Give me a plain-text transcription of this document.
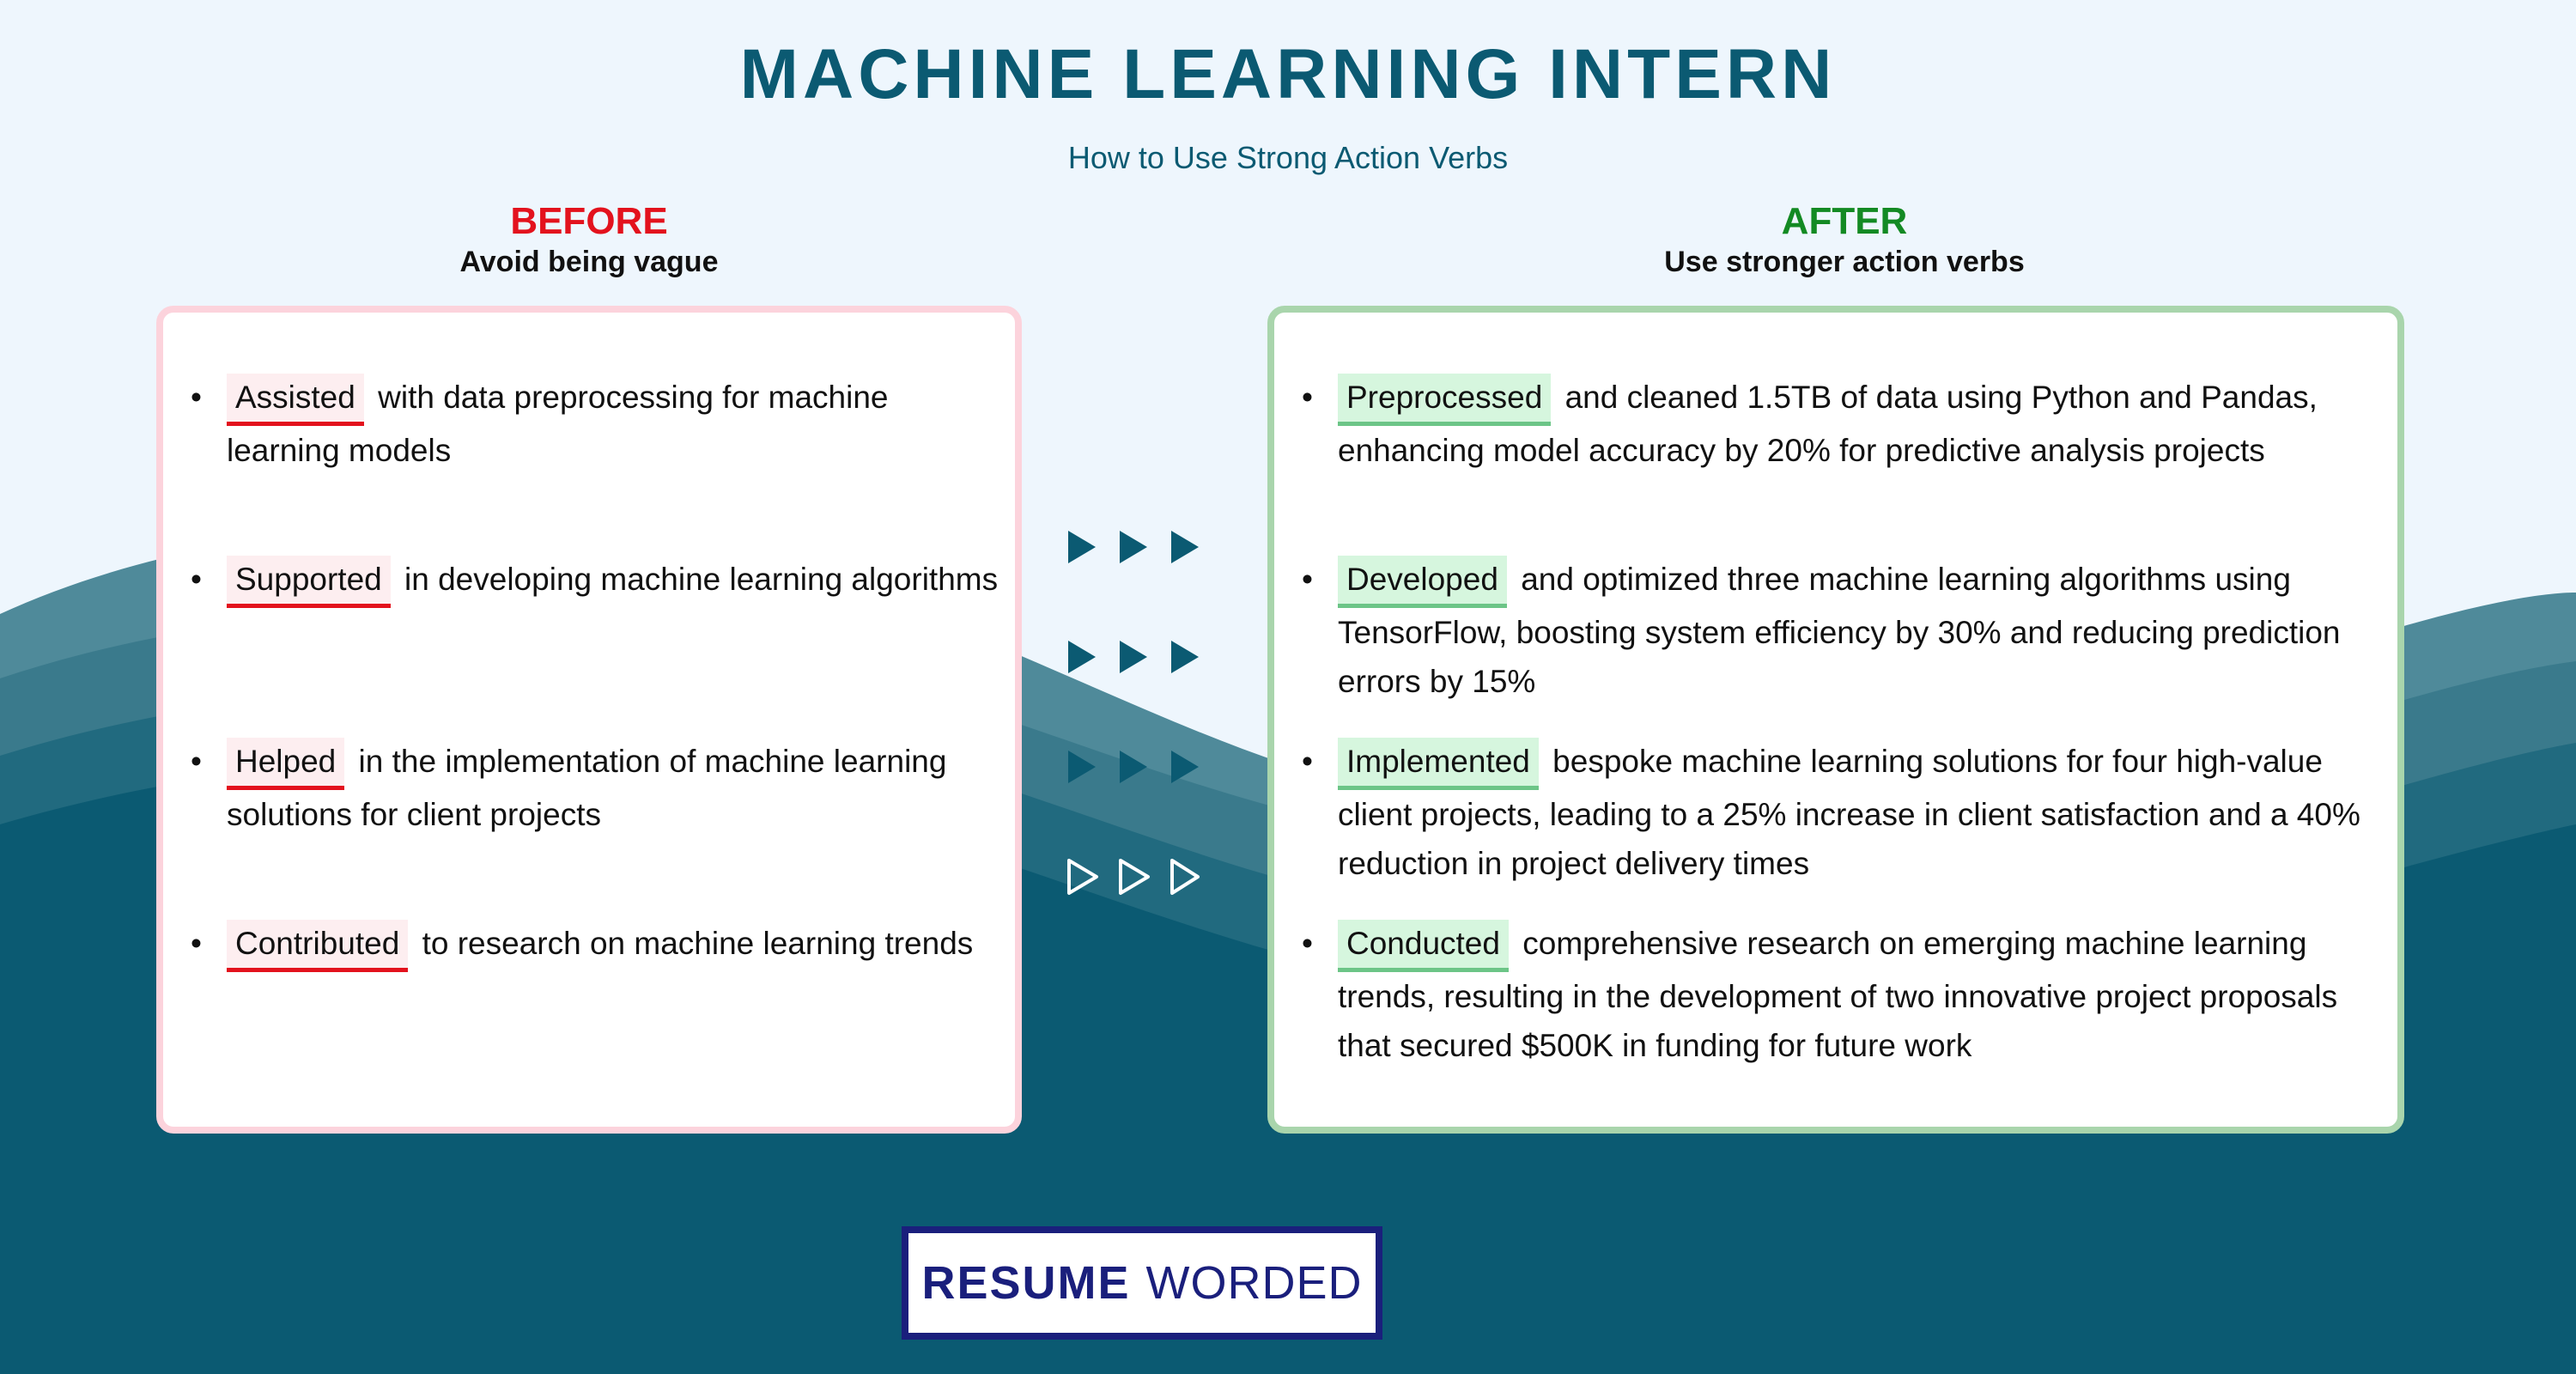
MACHINE LEARNING INTERN
How to Use Strong Action Verbs
BEFORE
Avoid being vague
AFTER
Use stronger action verbs
• Assisted with data preprocessing for machine learning models
• Supported in developing machine learning algorithms
• Helped in the implementation of machine learning solutions for client projects
• Contributed to research on machine learning trends
• Preprocessed and cleaned 1.5TB of data using Python and Pandas, enhancing model accuracy by 20% for predictive analysis projects
• Developed and optimized three machine learning algorithms using TensorFlow, boosting system efficiency by 30% and reducing prediction errors by 15%
• Implemented bespoke machine learning solutions for four high-value client projects, leading to a 25% increase in client satisfaction and a 40% reduction in project delivery times
• Conducted comprehensive research on emerging machine learning trends, resulting in the development of two innovative project proposals that secured $500K in funding for future work
RESUME WORDED
